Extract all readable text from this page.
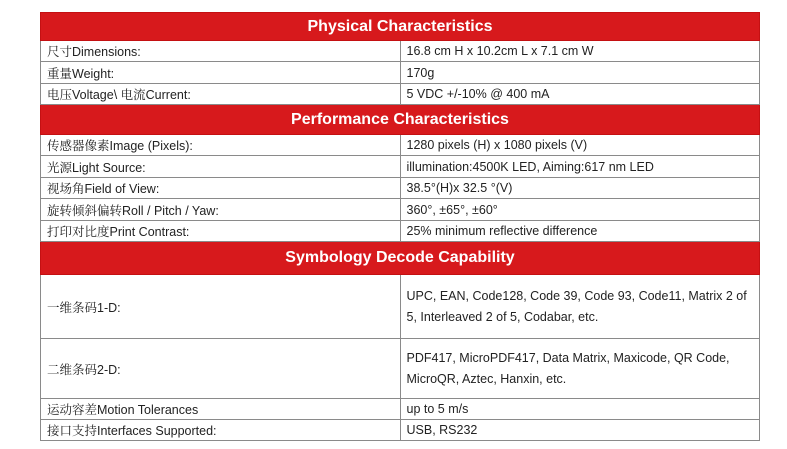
Physical Characteristics	
尺寸Dimensions:	16.8 cm H x 10.2cm L x 7.1 cm W
重量Weight:	170g
电压Voltage\ 电流Current:	5 VDC +/-10% @ 400 mA
Performance Characteristics	
传感器像素Image (Pixels):	1280 pixels (H) x 1080 pixels (V)
光源Light Source:	illumination:4500K LED, Aiming:617 nm LED
视场角Field of View:	38.5°(H)x 32.5 °(V)
旋转倾斜偏转Roll / Pitch / Yaw:	360°, ±65°, ±60°
打印对比度Print Contrast:	25% minimum reflective difference
Symbology Decode Capability	
一维条码1-D:	UPC, EAN, Code128, Code 39, Code 93, Code11, Matrix 2 of 5, Interleaved 2 of 5, Codabar, etc.
二维条码2-D:	PDF417, MicroPDF417, Data Matrix, Maxicode, QR Code, MicroQR, Aztec, Hanxin, etc.
运动容差Motion Tolerances	up to 5 m/s
接口支持Interfaces Supported:	USB, RS232
